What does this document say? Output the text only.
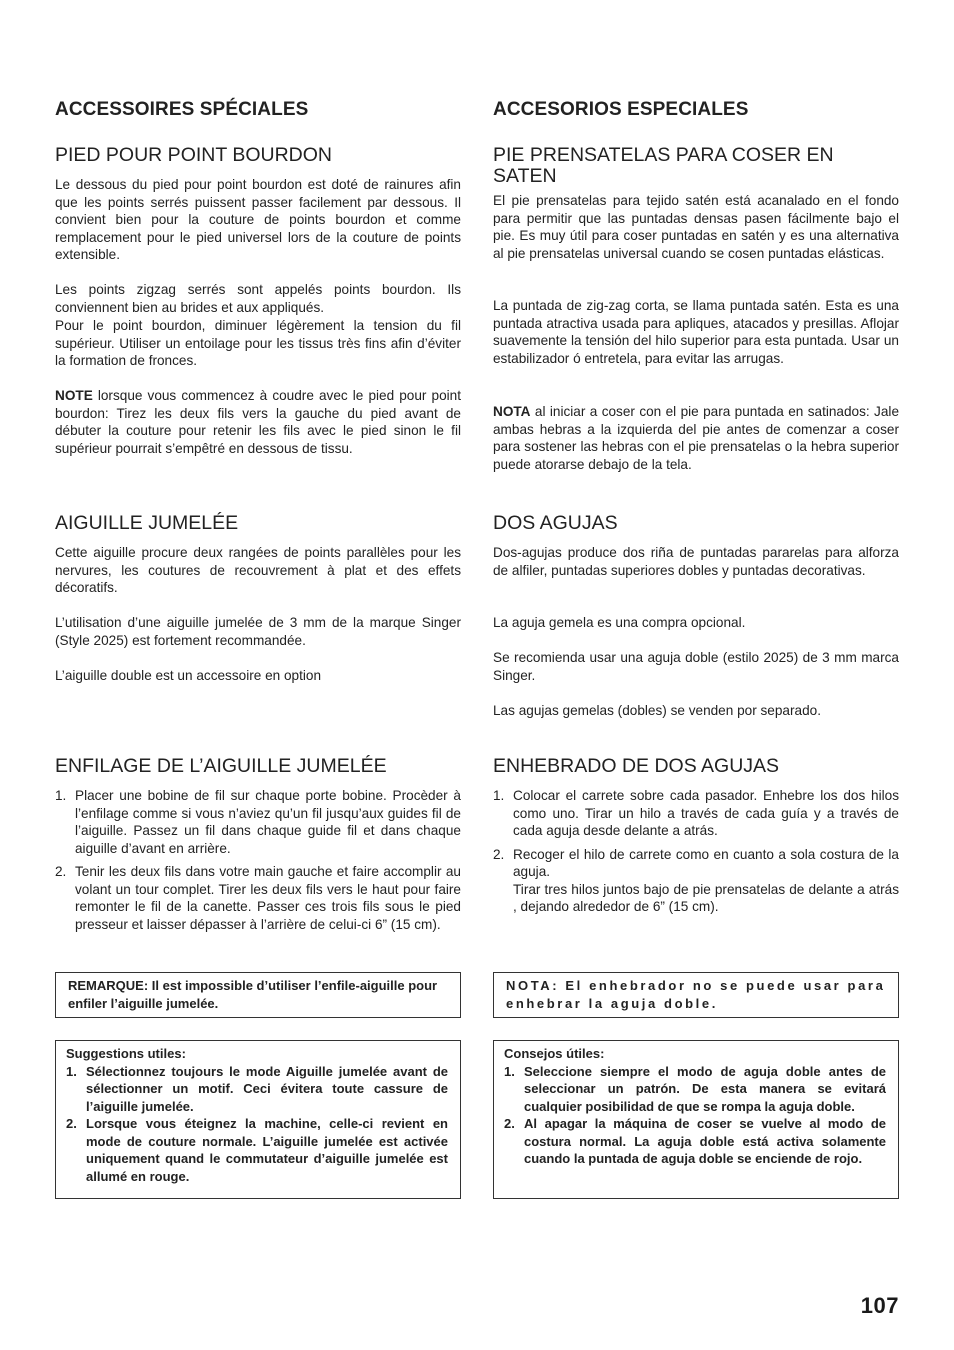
ACCESSOIRES SPÉCIALES
PIED POUR POINT BOURDON

Le dessous du pied pour point bourdon est doté de rainures afin que les points serrés puissent passer facilement par dessous. Il convient bien pour la couture de points bourdon et comme remplacement pour le pied universel lors de la couture de points extensible.

Les points zigzag serrés sont appelés points bourdon. Ils conviennent bien au brides et aux appliqués.

Pour le point bourdon, diminuer légèrement la tension du fil supérieur. Utiliser un entoilage pour les tissus très fins afin d’éviter la formation de fronces.

NOTE lorsque vous commencez à coudre avec le pied pour point bourdon: Tirez les deux fils vers la gauche du pied avant de débuter la couture pour retenir les fils avec le pied sinon le fil supérieur pourrait s’empêtré en dessous de tissu.

AIGUILLE JUMELÉE

Cette aiguille procure deux rangées de points parallèles pour les nervures, les coutures de recouvrement à plat et des effets décoratifs.

L’utilisation d’une aiguille jumelée de 3 mm de la marque Singer (Style 2025) est fortement recommandée.

L’aiguille double est un accessoire en option

ENFILAGE DE L’AIGUILLE JUMELÉE
1. Placer une bobine de fil sur chaque porte bobine. Procèder à l’enfilage comme si vous n’aviez qu’un fil jusqu’aux guides fil de l’aiguille. Passez un fil dans chaque guide fil et dans chaque aiguille d’avant en arrière.
2. Tenir les deux fils dans votre main gauche et faire accomplir au volant un tour complet. Tirer les deux fils vers le haut pour faire remonter le fil de la canette. Passer ces trois fils sous le pied presseur et laisser dépasser à l’arrière de celui-ci 6” (15 cm).
REMARQUE: Il est impossible d’utiliser l’enfile-aiguille pour enfiler l’aiguille jumelée.
Suggestions utiles:
1. Sélectionnez toujours le mode Aiguille jumelée avant de sélectionner un motif. Ceci évitera toute cassure de l’aiguille jumelée.
2. Lorsque vous éteignez la machine, celle-ci revient en mode de couture normale. L’aiguille jumelée est activée uniquement quand le commutateur d’aiguille jumelée est allumé en rouge.
ACCESORIOS ESPECIALES
PIE PRENSATELAS PARA COSER EN SATEN

El pie prensatelas para tejido satén está acanalado en el fondo para permitir que las puntadas densas pasen fácilmente bajo el pie. Es muy útil para coser puntadas en satén y es una alternativa al pie prensatelas universal cuando se cosen puntadas elásticas.

La puntada de zig-zag corta, se llama puntada satén. Esta es una puntada atractiva usada para apliques, atacados y presillas. Aflojar suavemente la tensión del hilo superior para esta puntada. Usar un estabilizador ó entretela, para evitar las arrugas.

NOTA al iniciar a coser con el pie para puntada en satinados: Jale ambas hebras a la izquierda del pie antes de comenzar a coser para sostener las hebras con el pie prensatelas o la hebra superior puede atorarse debajo de la tela.

DOS AGUJAS

Dos-agujas produce dos riña de puntadas pararelas para alforza de alfiler, puntadas superiores dobles y puntadas decorativas.

La aguja gemela es una compra opcional.

Se recomienda usar una aguja doble (estilo 2025) de 3 mm marca Singer.

Las agujas gemelas (dobles) se venden por separado.

ENHEBRADO DE DOS AGUJAS
1. Colocar el carrete sobre cada pasador. Enhebre los dos hilos como uno. Tirar un hilo a través de cada guía y a través de cada aguja desde delante a atrás.
2. Recoger el hilo de carrete como en cuanto a sola costura de la aguja.
Tirar tres hilos juntos bajo de pie prensatelas de delante a atrás , dejando alrededor de 6” (15 cm).
NOTA: El enhebrador no se puede usar para enhebrar la aguja doble.
Consejos útiles:
1. Seleccione siempre el modo de aguja doble antes de seleccionar un patrón. De esta manera se evitará cualquier posibilidad de que se rompa la aguja doble.
2. Al apagar la máquina de coser se vuelve al modo de costura normal. La aguja doble está activa solamente cuando la puntada de aguja doble se enciende de rojo.
107
